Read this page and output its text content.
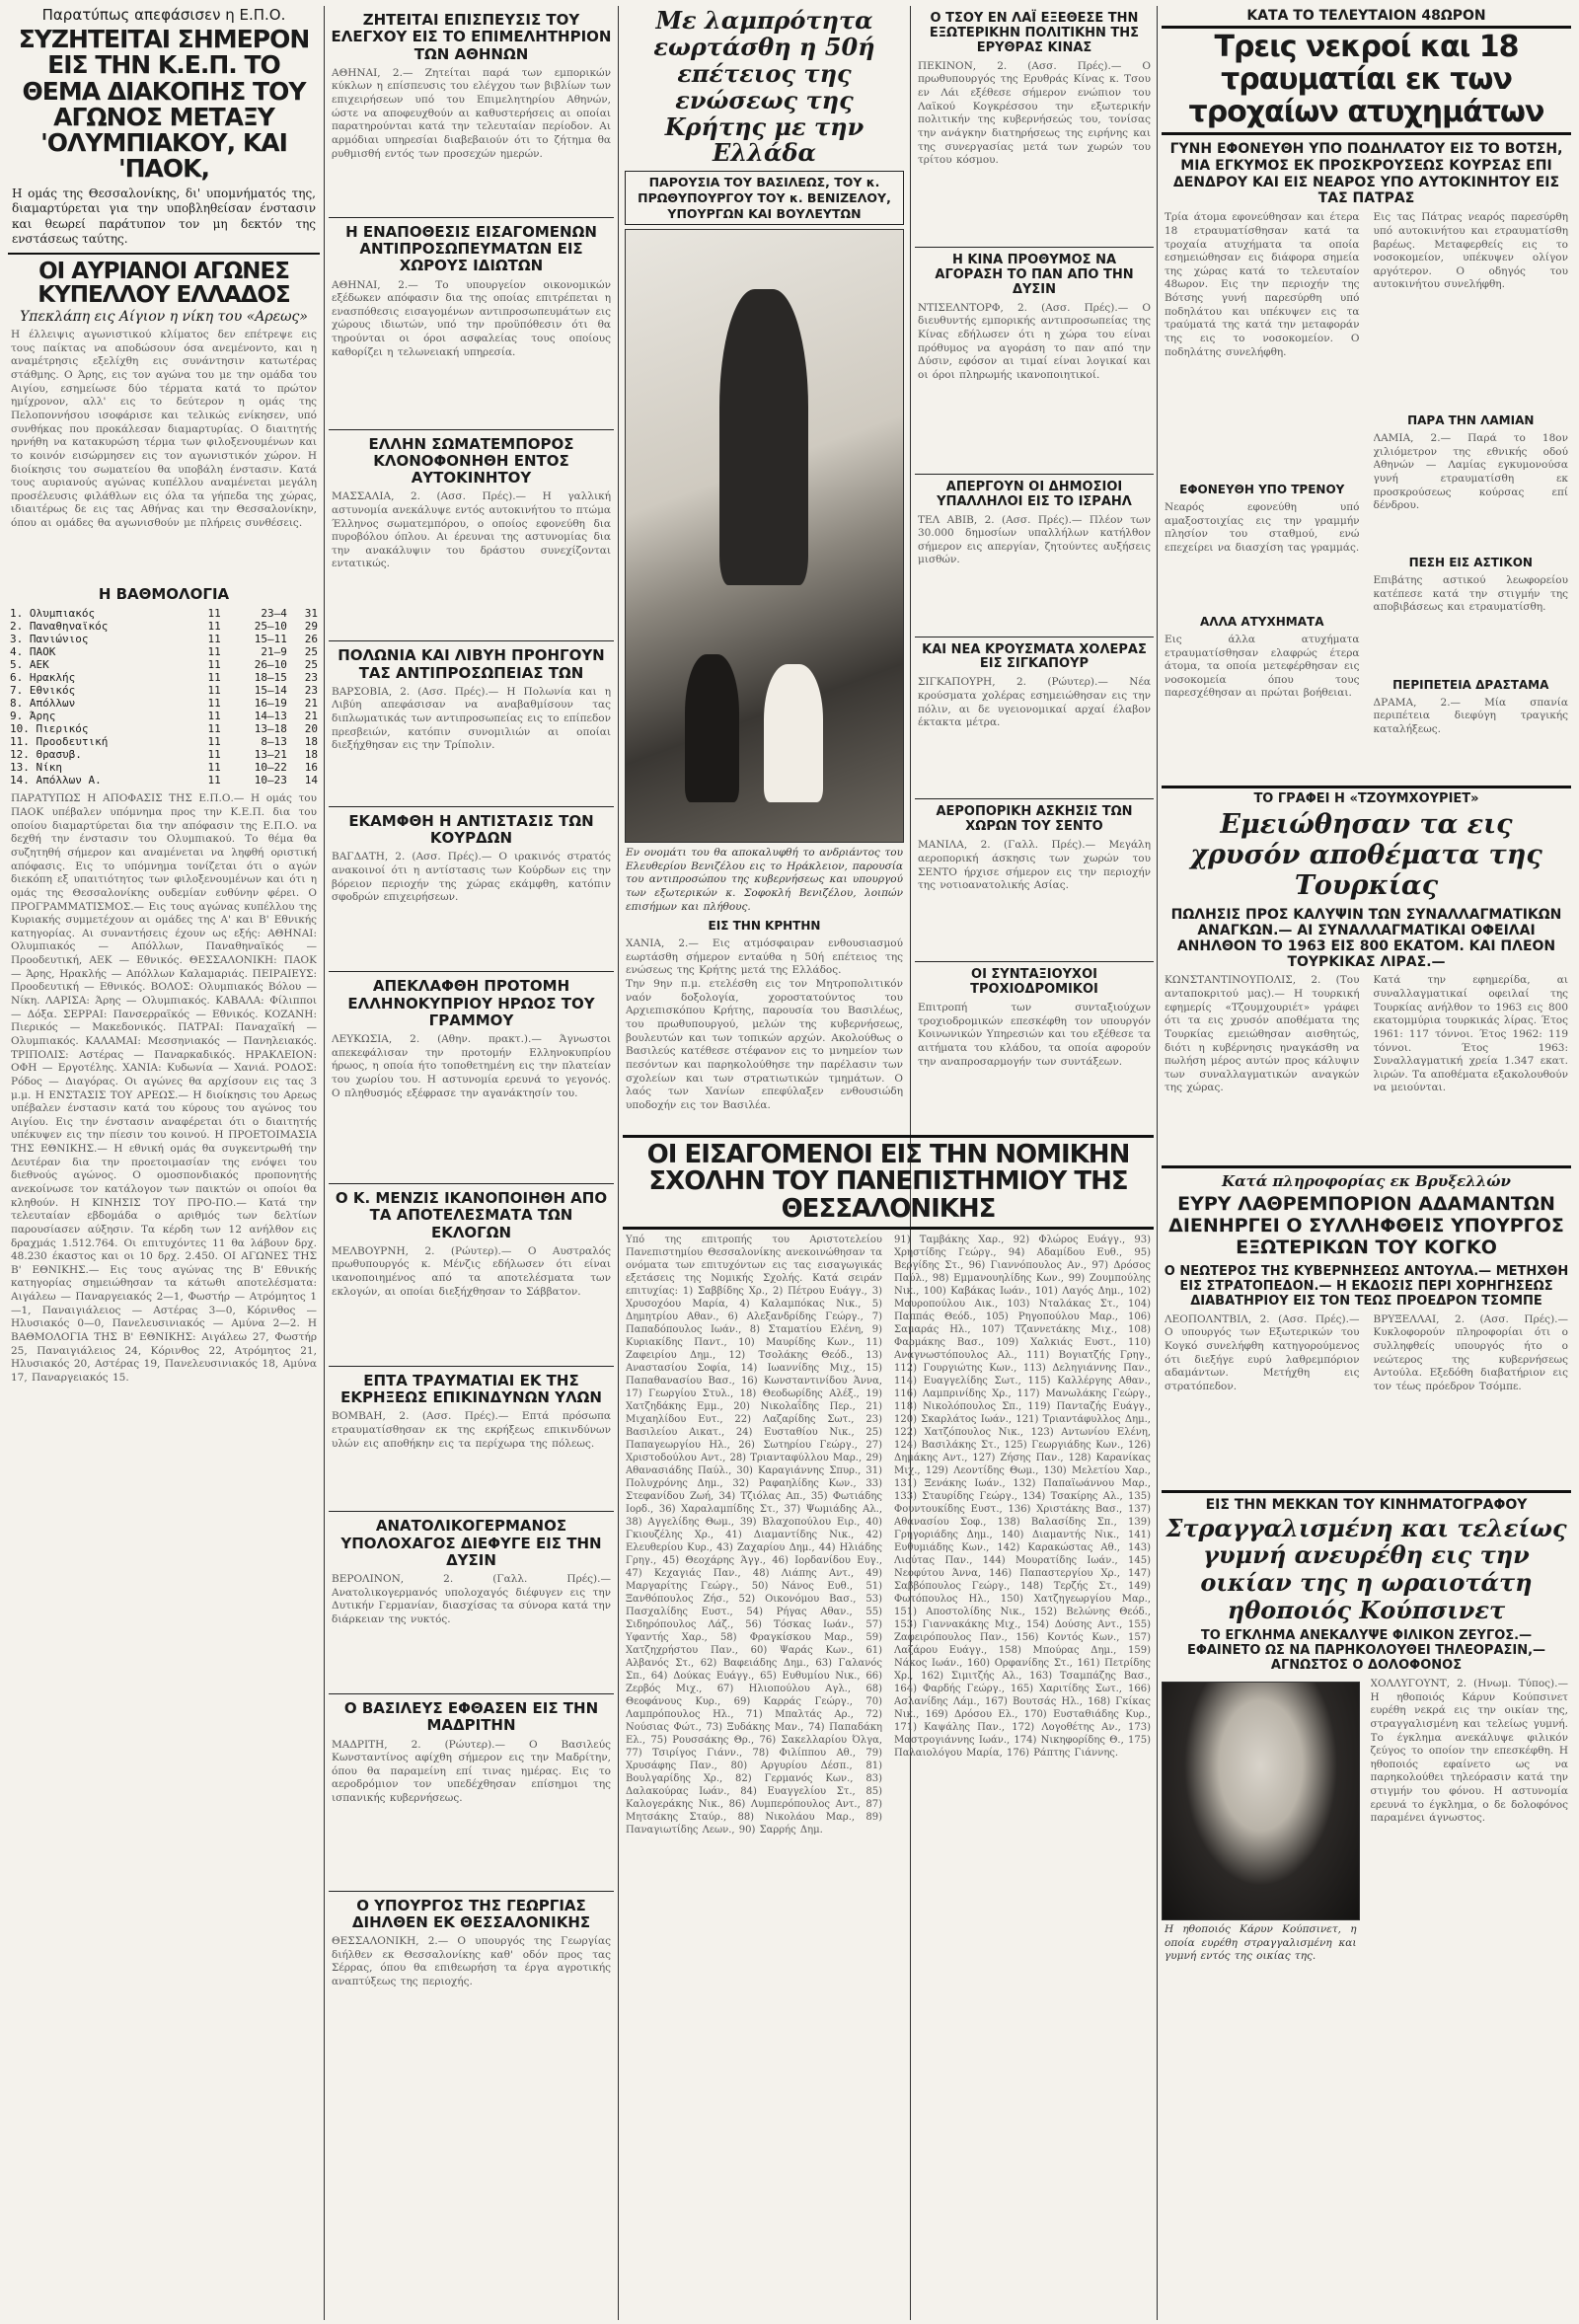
Παρατύπως απεφάσισεν η Ε.Π.Ο.
ΣΥΖΗΤΕΙΤΑΙ ΣΗΜΕΡΟΝ ΕΙΣ ΤΗΝ Κ.Ε.Π. ΤΟ ΘΕΜΑ ΔΙΑΚΟΠΗΣ ΤΟΥ ΑΓΩΝΟΣ ΜΕΤΑΞΥ 'ΟΛΥΜΠΙΑΚΟΥ, ΚΑΙ 'ΠΑΟΚ,
Η ομάς της Θεσσαλονίκης, δι' υπομνήματός της, διαμαρτύρεται για την υποβληθείσαν ένστασιν και θεωρεί παράτυπον τον μη δεκτόν της ενστάσεως ταύτης.
ΟΙ ΑΥΡΙΑΝΟΙ ΑΓΩΝΕΣ ΚΥΠΕΛΛΟΥ ΕΛΛΑΔΟΣ
Υπεκλάπη εις Αίγιον η νίκη του «Αρεως»
Η έλλειψις αγωνιστικού κλίματος δεν επέτρεψε εις τους παίκτας να αποδώσουν όσα ανεμένοντο, και η αναμέτρησις εξελίχθη εις συνάντησιν κατωτέρας στάθμης. Ο Άρης, εις τον αγώνα του με την ομάδα του Αιγίου, εσημείωσε δύο τέρματα κατά το πρώτον ημίχρονον, αλλ' εις το δεύτερον η ομάς της Πελοποννήσου ισοφάρισε και τελικώς ενίκησεν, υπό συνθήκας που προκάλεσαν διαμαρτυρίας. Ο διαιτητής ηρνήθη να κατακυρώση τέρμα των φιλοξενουμένων και το κοινόν εισώρμησεν εις τον αγωνιστικόν χώρον. Η διοίκησις του σωματείου θα υποβάλη ένστασιν. Κατά τους αυριανούς αγώνας κυπέλλου αναμένεται μεγάλη προσέλευσις φιλάθλων εις όλα τα γήπεδα της χώρας, ιδιαιτέρως δε εις τας Αθήνας και την Θεσσαλονίκην, όπου αι ομάδες θα αγωνισθούν με πλήρεις συνθέσεις.
Η ΒΑΘΜΟΛΟΓΙΑ
1. Ολυμπιακός	11	23—4	31
2. Παναθηναϊκός	11	25—10	29
3. Πανιώνιος	11	15—11	26
4. ΠΑΟΚ	11	21—9	25
5. ΑΕΚ	11	26—10	25
6. Ηρακλής	11	18—15	23
7. Εθνικός	11	15—14	23
8. Απόλλων	11	16—19	21
9. Άρης	11	14—13	21
10. Πιερικός	11	13—18	20
11. Προοδευτική	11	8—13	18
12. Θρασυβ.	11	13—21	18
13. Νίκη	11	10—22	16
14. Απόλλων Α.	11	10—23	14
ΠΑΡΑΤΥΠΩΣ Η ΑΠΟΦΑΣΙΣ ΤΗΣ Ε.Π.Ο.— Η ομάς του ΠΑΟΚ υπέβαλεν υπόμνημα προς την Κ.Ε.Π. δια του οποίου διαμαρτύρεται δια την απόφασιν της Ε.Π.Ο. να δεχθή την ένστασιν του Ολυμπιακού. Το θέμα θα συζητηθή σήμερον και αναμένεται να ληφθή οριστική απόφασις. Εις το υπόμνημα τονίζεται ότι ο αγών διεκόπη εξ υπαιτιότητος των φιλοξενουμένων και ότι η ομάς της Θεσσαλονίκης ουδεμίαν ευθύνην φέρει. Ο ΠΡΟΓΡΑΜΜΑΤΙΣΜΟΣ.— Εις τους αγώνας κυπέλλου της Κυριακής συμμετέχουν αι ομάδες της Α' και Β' Εθνικής κατηγορίας. Αι συναντήσεις έχουν ως εξής: ΑΘΗΝΑΙ: Ολυμπιακός — Απόλλων, Παναθηναϊκός — Προοδευτική, ΑΕΚ — Εθνικός. ΘΕΣΣΑΛΟΝΙΚΗ: ΠΑΟΚ — Άρης, Ηρακλής — Απόλλων Καλαμαριάς. ΠΕΙΡΑΙΕΥΣ: Προοδευτική — Εθνικός. ΒΟΛΟΣ: Ολυμπιακός Βόλου — Νίκη. ΛΑΡΙΣΑ: Άρης — Ολυμπιακός. ΚΑΒΑΛΑ: Φίλιπποι — Δόξα. ΣΕΡΡΑΙ: Πανσερραϊκός — Εθνικός. ΚΟΖΑΝΗ: Πιερικός — Μακεδονικός. ΠΑΤΡΑΙ: Παναχαϊκή — Ολυμπιακός. ΚΑΛΑΜΑΙ: Μεσσηνιακός — Πανηλειακός. ΤΡΙΠΟΛΙΣ: Αστέρας — Παναρκαδικός. ΗΡΑΚΛΕΙΟΝ: ΟΦΗ — Εργοτέλης. ΧΑΝΙΑ: Κυδωνία — Χανιά. ΡΟΔΟΣ: Ρόδος — Διαγόρας. Οι αγώνες θα αρχίσουν εις τας 3 μ.μ. Η ΕΝΣΤΑΣΙΣ ΤΟΥ ΑΡΕΩΣ.— Η διοίκησις του Αρεως υπέβαλεν ένστασιν κατά του κύρους του αγώνος του Αιγίου. Εις την ένστασιν αναφέρεται ότι ο διαιτητής υπέκυψεν εις την πίεσιν του κοινού. Η ΠΡΟΕΤΟΙΜΑΣΙΑ ΤΗΣ ΕΘΝΙΚΗΣ.— Η εθνική ομάς θα συγκεντρωθή την Δευτέραν δια την προετοιμασίαν της ενόψει του διεθνούς αγώνος. Ο ομοσπονδιακός προπονητής ανεκοίνωσε τον κατάλογον των παικτών οι οποίοι θα κληθούν. Η ΚΙΝΗΣΙΣ ΤΟΥ ΠΡΟ-ΠΟ.— Κατά την τελευταίαν εβδομάδα ο αριθμός των δελτίων παρουσίασεν αύξησιν. Τα κέρδη των 12 ανήλθον εις δραχμάς 1.512.764. Οι επιτυχόντες 11 θα λάβουν δρχ. 48.230 έκαστος και οι 10 δρχ. 2.450. ΟΙ ΑΓΩΝΕΣ ΤΗΣ Β' ΕΘΝΙΚΗΣ.— Εις τους αγώνας της Β' Εθνικής κατηγορίας σημειώθησαν τα κάτωθι αποτελέσματα: Αιγάλεω — Παναργειακός 2—1, Φωστήρ — Ατρόμητος 1—1, Παναιγιάλειος — Αστέρας 3—0, Κόρινθος — Ηλυσιακός 0—0, Πανελευσινιακός — Αμύνα 2—2. Η ΒΑΘΜΟΛΟΓΙΑ ΤΗΣ Β' ΕΘΝΙΚΗΣ: Αιγάλεω 27, Φωστήρ 25, Παναιγιάλειος 24, Κόρινθος 22, Ατρόμητος 21, Ηλυσιακός 20, Αστέρας 19, Πανελευσινιακός 18, Αμύνα 17, Παναργειακός 15.
ΖΗΤΕΙΤΑΙ ΕΠΙΣΠΕΥΣΙΣ ΤΟΥ ΕΛΕΓΧΟΥ ΕΙΣ ΤΟ ΕΠΙΜΕΛΗΤΗΡΙΟΝ ΤΩΝ ΑΘΗΝΩΝ
ΑΘΗΝΑΙ, 2.— Ζητείται παρά των εμπορικών κύκλων η επίσπευσις του ελέγχου των βιβλίων των επιχειρήσεων υπό του Επιμελητηρίου Αθηνών, ώστε να αποφευχθούν αι καθυστερήσεις αι οποίαι παρατηρούνται κατά την τελευταίαν περίοδον. Αι αρμόδιαι υπηρεσίαι διαβεβαιούν ότι το ζήτημα θα ρυθμισθή εντός των προσεχών ημερών.
Η ΕΝΑΠΟΘΕΣΙΣ ΕΙΣΑΓΟΜΕΝΩΝ ΑΝΤΙΠΡΟΣΩΠΕΥΜΑΤΩΝ ΕΙΣ ΧΩΡΟΥΣ ΙΔΙΩΤΩΝ
ΑΘΗΝΑΙ, 2.— Το υπουργείον οικονομικών εξέδωκεν απόφασιν δια της οποίας επιτρέπεται η ενασπόθεσις εισαγομένων αντιπροσωπευμάτων εις χώρους ιδιωτών, υπό την προϋπόθεσιν ότι θα τηρούνται οι όροι ασφαλείας τους οποίους καθορίζει η τελωνειακή υπηρεσία.
ΕΛΛΗΝ ΣΩΜΑΤΕΜΠΟΡΟΣ ΚΛΟΝΟΦΟΝΗΘΗ ΕΝΤΟΣ ΑΥΤΟΚΙΝΗΤΟΥ
ΜΑΣΣΑΛΙΑ, 2. (Ασσ. Πρές).— Η γαλλική αστυνομία ανεκάλυψε εντός αυτοκινήτου το πτώμα Έλληνος σωματεμπόρου, ο οποίος εφονεύθη δια πυροβόλου όπλου. Αι έρευναι της αστυνομίας δια την ανακάλυψιν του δράστου συνεχίζονται εντατικώς.
ΠΟΛΩΝΙΑ ΚΑΙ ΛΙΒΥΗ ΠΡΟΗΓΟΥΝ ΤΑΣ ΑΝΤΙΠΡΟΣΩΠΕΙΑΣ ΤΩΝ
ΒΑΡΣΟΒΙΑ, 2. (Ασσ. Πρές).— Η Πολωνία και η Λιβύη απεφάσισαν να αναβαθμίσουν τας διπλωματικάς των αντιπροσωπείας εις το επίπεδον πρεσβειών, κατόπιν συνομιλιών αι οποίαι διεξήχθησαν εις την Τρίπολιν.
ΕΚΑΜΦΘΗ Η ΑΝΤΙΣΤΑΣΙΣ ΤΩΝ ΚΟΥΡΔΩΝ
ΒΑΓΔΑΤΗ, 2. (Ασσ. Πρές).— Ο ιρακινός στρατός ανακοινοί ότι η αντίστασις των Κούρδων εις την βόρειον περιοχήν της χώρας εκάμφθη, κατόπιν σφοδρών επιχειρήσεων.
ΑΠΕΚΛΑΦΘΗ ΠΡΟΤΟΜΗ ΕΛΛΗΝΟΚΥΠΡΙΟΥ ΗΡΩΟΣ ΤΟΥ ΓΡΑΜΜΟΥ
ΛΕΥΚΩΣΙΑ, 2. (Αθην. πρακτ.).— Άγνωστοι απεκεφάλισαν την προτομήν Ελληνοκυπρίου ήρωος, η οποία ήτο τοποθετημένη εις την πλατείαν του χωρίου του. Η αστυνομία ερευνά το γεγονός. Ο πληθυσμός εξέφρασε την αγανάκτησίν του.
Ο Κ. ΜΕΝΖΙΣ ΙΚΑΝΟΠΟΙΗΘΗ ΑΠΟ ΤΑ ΑΠΟΤΕΛΕΣΜΑΤΑ ΤΩΝ ΕΚΛΟΓΩΝ
ΜΕΛΒΟΥΡΝΗ, 2. (Ρώυτερ).— Ο Αυστραλός πρωθυπουργός κ. Μένζις εδήλωσεν ότι είναι ικανοποιημένος από τα αποτελέσματα των εκλογών, αι οποίαι διεξήχθησαν το Σάββατον.
ΕΠΤΑ ΤΡΑΥΜΑΤΙΑΙ ΕΚ ΤΗΣ ΕΚΡΗΞΕΩΣ ΕΠΙΚΙΝΔΥΝΩΝ ΥΛΩΝ
ΒΟΜΒΑΗ, 2. (Ασσ. Πρές).— Επτά πρόσωπα ετραυματίσθησαν εκ της εκρήξεως επικινδύνων υλών εις αποθήκην εις τα περίχωρα της πόλεως.
ΑΝΑΤΟΛΙΚΟΓΕΡΜΑΝΟΣ ΥΠΟΛΟΧΑΓΟΣ ΔΙΕΦΥΓΕ ΕΙΣ ΤΗΝ ΔΥΣΙΝ
ΒΕΡΟΛΙΝΟΝ, 2. (Γαλλ. Πρές).— Ανατολικογερμανός υπολοχαγός διέφυγεν εις την Δυτικήν Γερμανίαν, διασχίσας τα σύνορα κατά την διάρκειαν της νυκτός.
Ο ΒΑΣΙΛΕΥΣ ΕΦΘΑΣΕΝ ΕΙΣ ΤΗΝ ΜΑΔΡΙΤΗΝ
ΜΑΔΡΙΤΗ, 2. (Ρώυτερ).— Ο Βασιλεύς Κωνσταντίνος αφίχθη σήμερον εις την Μαδρίτην, όπου θα παραμείνη επί τινας ημέρας. Εις το αεροδρόμιον τον υπεδέχθησαν επίσημοι της ισπανικής κυβερνήσεως.
Ο ΥΠΟΥΡΓΟΣ ΤΗΣ ΓΕΩΡΓΙΑΣ ΔΙΗΛΘΕΝ ΕΚ ΘΕΣΣΑΛΟΝΙΚΗΣ
ΘΕΣΣΑΛΟΝΙΚΗ, 2.— Ο υπουργός της Γεωργίας διήλθεν εκ Θεσσαλονίκης καθ' οδόν προς τας Σέρρας, όπου θα επιθεωρήση τα έργα αγροτικής αναπτύξεως της περιοχής.
Με λαμπρότητα εωρτάσθη η 50ή επέτειος της ενώσεως της Κρήτης με την Ελλάδα
ΠΑΡΟΥΣΙΑ ΤΟΥ ΒΑΣΙΛΕΩΣ, ΤΟΥ κ. ΠΡΩΘΥΠΟΥΡΓΟΥ ΤΟΥ κ. ΒΕΝΙΖΕΛΟΥ, ΥΠΟΥΡΓΩΝ ΚΑΙ ΒΟΥΛΕΥΤΩΝ
Εν ονομάτι του θα αποκαλυφθή το ανδριάντος του Ελευθερίου Βενιζέλου εις το Ηράκλειον, παρουσία του αντιπροσώπου της κυβερνήσεως και υπουργού των εξωτερικών κ. Σοφοκλή Βενιζέλου, λοιπών επισήμων και πλήθους.
ΕΙΣ ΤΗΝ ΚΡΗΤΗΝ
ΧΑΝΙΑ, 2.— Εις ατμόσφαιραν ενθουσιασμού εωρτάσθη σήμερον ενταύθα η 50ή επέτειος της ενώσεως της Κρήτης μετά της Ελλάδος.
Την 9ην π.μ. ετελέσθη εις τον Μητροπολιτικόν ναόν δοξολογία, χοροστατούντος του Αρχιεπισκόπου Κρήτης, παρουσία του Βασιλέως, του πρωθυπουργού, μελών της κυβερνήσεως, βουλευτών και των τοπικών αρχών. Ακολούθως ο Βασιλεύς κατέθεσε στέφανον εις το μνημείον των πεσόντων και παρηκολούθησε την παρέλασιν των σχολείων και των στρατιωτικών τμημάτων. Ο λαός των Χανίων επεφύλαξεν ενθουσιώδη υποδοχήν εις τον Βασιλέα.
Ο ΤΣΟΥ ΕΝ ΛΑΪ ΕΞΕΘΕΣΕ ΤΗΝ ΕΞΩΤΕΡΙΚΗΝ ΠΟΛΙΤΙΚΗΝ ΤΗΣ ΕΡΥΘΡΑΣ ΚΙΝΑΣ
ΠΕΚΙΝΟΝ, 2. (Ασσ. Πρές).— Ο πρωθυπουργός της Ερυθράς Κίνας κ. Τσου εν Λάι εξέθεσε σήμερον ενώπιον του Λαϊκού Κογκρέσσου την εξωτερικήν πολιτικήν της κυβερνήσεώς του, τονίσας την ανάγκην διατηρήσεως της ειρήνης και της συνεργασίας μετά των χωρών του τρίτου κόσμου.
Η ΚΙΝΑ ΠΡΟΘΥΜΟΣ ΝΑ ΑΓΟΡΑΣΗ ΤΟ ΠΑΝ ΑΠΟ ΤΗΝ ΔΥΣΙΝ
ΝΤΙΣΕΛΝΤΟΡΦ, 2. (Ασσ. Πρές).— Ο διευθυντής εμπορικής αντιπροσωπείας της Κίνας εδήλωσεν ότι η χώρα του είναι πρόθυμος να αγοράση το παν από την Δύσιν, εφόσον αι τιμαί είναι λογικαί και οι όροι πληρωμής ικανοποιητικοί.
ΑΠΕΡΓΟΥΝ ΟΙ ΔΗΜΟΣΙΟΙ ΥΠΑΛΛΗΛΟΙ ΕΙΣ ΤΟ ΙΣΡΑΗΛ
ΤΕΛ ΑΒΙΒ, 2. (Ασσ. Πρές).— Πλέον των 30.000 δημοσίων υπαλλήλων κατήλθον σήμερον εις απεργίαν, ζητούντες αυξήσεις μισθών.
ΚΑΙ ΝΕΑ ΚΡΟΥΣΜΑΤΑ ΧΟΛΕΡΑΣ ΕΙΣ ΣΙΓΚΑΠΟΥΡ
ΣΙΓΚΑΠΟΥΡΗ, 2. (Ρώυτερ).— Νέα κρούσματα χολέρας εσημειώθησαν εις την πόλιν, αι δε υγειονομικαί αρχαί έλαβον έκτακτα μέτρα.
ΑΕΡΟΠΟΡΙΚΗ ΑΣΚΗΣΙΣ ΤΩΝ ΧΩΡΩΝ ΤΟΥ ΣΕΝΤΟ
ΜΑΝΙΛΑ, 2. (Γαλλ. Πρές).— Μεγάλη αεροπορική άσκησις των χωρών του ΣΕΝΤΟ ήρχισε σήμερον εις την περιοχήν της νοτιοανατολικής Ασίας.
ΟΙ ΣΥΝΤΑΞΙΟΥΧΟΙ ΤΡΟΧΙΟΔΡΟΜΙΚΟΙ
Επιτροπή των συνταξιούχων τροχιοδρομικών επεσκέφθη τον υπουργόν Κοινωνικών Υπηρεσιών και του εξέθεσε τα αιτήματα του κλάδου, τα οποία αφορούν την αναπροσαρμογήν των συντάξεων.
ΟΙ ΕΙΣΑΓΟΜΕΝΟΙ ΕΙΣ ΤΗΝ ΝΟΜΙΚΗΝ ΣΧΟΛΗΝ ΤΟΥ ΠΑΝΕΠΙΣΤΗΜΙΟΥ ΤΗΣ ΘΕΣΣΑΛΟΝΙΚΗΣ
Υπό της επιτροπής του Αριστοτελείου Πανεπιστημίου Θεσσαλονίκης ανεκοινώθησαν τα ονόματα των επιτυχόντων εις τας εισαγωγικάς εξετάσεις της Νομικής Σχολής. Κατά σειράν επιτυχίας: 1) Σαββίδης Χρ., 2) Πέτρου Ευάγγ., 3) Χρυσοχόου Μαρία, 4) Καλαμπόκας Νικ., 5) Δημητρίου Αθαν., 6) Αλεξανδρίδης Γεώργ., 7) Παπαδόπουλος Ιωάν., 8) Σταματίου Ελένη, 9) Κυριακίδης Παντ., 10) Μαυρίδης Κων., 11) Ζαφειρίου Δημ., 12) Τσολάκης Θεόδ., 13) Αναστασίου Σοφία, 14) Ιωαννίδης Μιχ., 15) Παπαθανασίου Βασ., 16) Κωνσταντινίδου Άννα, 17) Γεωργίου Στυλ., 18) Θεοδωρίδης Αλέξ., 19) Χατζηδάκης Εμμ., 20) Νικολαΐδης Περ., 21) Μιχαηλίδου Ευτ., 22) Λαζαρίδης Σωτ., 23) Βασιλείου Αικατ., 24) Ευσταθίου Νικ., 25) Παπαγεωργίου Ηλ., 26) Σωτηρίου Γεώργ., 27) Χριστοδούλου Αντ., 28) Τριανταφύλλου Μαρ., 29) Αθανασιάδης Παύλ., 30) Καραγιάννης Σπυρ., 31) Πολυχρόνης Δημ., 32) Ραφαηλίδης Κων., 33) Στεφανίδου Ζωή, 34) Τζιόλας Απ., 35) Φωτιάδης Ιορδ., 36) Χαραλαμπίδης Στ., 37) Ψωμιάδης Αλ., 38) Αγγελίδης Θωμ., 39) Βλαχοπούλου Ειρ., 40) Γκιουζέλης Χρ., 41) Διαμαντίδης Νικ., 42) Ελευθερίου Κυρ., 43) Ζαχαρίου Δημ., 44) Ηλιάδης Γρηγ., 45) Θεοχάρης Άγγ., 46) Ιορδανίδου Ευγ., 47) Κεχαγιάς Παν., 48) Λιάπης Αντ., 49) Μαργαρίτης Γεώργ., 50) Νάνος Ευθ., 51) Ξανθόπουλος Ζήσ., 52) Οικονόμου Βασ., 53) Πασχαλίδης Ευστ., 54) Ρήγας Αθαν., 55) Σιδηρόπουλος Λάζ., 56) Τόσκας Ιωάν., 57) Υφαντής Χαρ., 58) Φραγκίσκου Μαρ., 59) Χατζηχρήστου Παν., 60) Ψαράς Κων., 61) Αλβανός Στ., 62) Βαφειάδης Δημ., 63) Γαλανός Σπ., 64) Δούκας Ευάγγ., 65) Ευθυμίου Νικ., 66) Ζερβός Μιχ., 67) Ηλιοπούλου Αγλ., 68) Θεοφάνους Κυρ., 69) Καρράς Γεώργ., 70) Λαμπρόπουλος Ηλ., 71) Μπαλτάς Αρ., 72) Νούσιας Φώτ., 73) Ξυδάκης Μαν., 74) Παπαδάκη Ελ., 75) Ρουσσάκης Θρ., 76) Σακελλαρίου Όλγα, 77) Τσιρίγος Γιάνν., 78) Φιλίππου Αθ., 79) Χρυσάφης Παν., 80) Αργυρίου Δέσπ., 81) Βουλγαρίδης Χρ., 82) Γερμανός Κων., 83) Δαλακούρας Ιωάν., 84) Ευαγγελίου Στ., 85) Καλογεράκης Νικ., 86) Λυμπερόπουλος Αντ., 87) Μητσάκης Σταύρ., 88) Νικολάου Μαρ., 89) Παναγιωτίδης Λεων., 90) Σαρρής Δημ.
91) Ταμβάκης Χαρ., 92) Φλώρος Ευάγγ., 93) Χρηστίδης Γεώργ., 94) Αδαμίδου Ευθ., 95) Βεργίδης Στ., 96) Γιαννόπουλος Αν., 97) Δρόσος Παύλ., 98) Εμμανουηλίδης Κων., 99) Ζουμπούλης Νικ., 100) Καβάκας Ιωάν., 101) Λαγός Δημ., 102) Μαυροπούλου Αικ., 103) Νταλάκας Στ., 104) Παππάς Θεόδ., 105) Ρηγοπούλου Μαρ., 106) Σαμαράς Ηλ., 107) Τζαννετάκης Μιχ., 108) Φαρμάκης Βασ., 109) Χαλκιάς Ευστ., 110) Αναγνωστόπουλος Αλ., 111) Βογιατζής Γρηγ., 112) Γουργιώτης Κων., 113) Δεληγιάννης Παν., 114) Ευαγγελίδης Σωτ., 115) Καλλέργης Αθαν., 116) Λαμπρινίδης Χρ., 117) Μανωλάκης Γεώργ., 118) Νικολόπουλος Σπ., 119) Πανταζής Ευάγγ., 120) Σκαρλάτος Ιωάν., 121) Τριαντάφυλλος Δημ., 122) Χατζόπουλος Νικ., 123) Αντωνίου Ελένη, 124) Βασιλάκης Στ., 125) Γεωργιάδης Κων., 126) Δημάκης Αντ., 127) Ζήσης Παν., 128) Καρανίκας Μιχ., 129) Λεοντίδης Θωμ., 130) Μελετίου Χαρ., 131) Ξενάκης Ιωάν., 132) Παπαϊωάννου Μαρ., 133) Σταυρίδης Γεώργ., 134) Τσακίρης Αλ., 135) Φουντουκίδης Ευστ., 136) Χριστάκης Βασ., 137) Αθανασίου Σοφ., 138) Βαλασίδης Σπ., 139) Γρηγοριάδης Δημ., 140) Διαμαντής Νικ., 141) Ευθυμιάδης Κων., 142) Καρακώστας Αθ., 143) Λιούτας Παν., 144) Μουρατίδης Ιωάν., 145) Νεοφύτου Άννα, 146) Παπαστεργίου Χρ., 147) Σαββόπουλος Γεώργ., 148) Τερζής Στ., 149) Φωτόπουλος Ηλ., 150) Χατζηγεωργίου Μαρ., 151) Αποστολίδης Νικ., 152) Βελώνης Θεόδ., 153) Γιαννακάκης Μιχ., 154) Δούσης Αντ., 155) Ζαφειρόπουλος Παν., 156) Κοντός Κων., 157) Λαζάρου Ευάγγ., 158) Μπούρας Δημ., 159) Νάκος Ιωάν., 160) Ορφανίδης Στ., 161) Πετρίδης Χρ., 162) Σιμιτζής Αλ., 163) Τσαμπάζης Βασ., 164) Φαρδής Γεώργ., 165) Χαριτίδης Σωτ., 166) Ασλανίδης Λάμ., 167) Βουτσάς Ηλ., 168) Γκίκας Νικ., 169) Δρόσου Ελ., 170) Ευσταθιάδης Κυρ., 171) Καψάλης Παν., 172) Λογοθέτης Αν., 173) Μαστρογιάννης Ιωάν., 174) Νικηφορίδης Θ., 175) Παλαιολόγου Μαρία, 176) Ράπτης Γιάννης.
ΚΑΤΑ ΤΟ ΤΕΛΕΥΤΑΙΟΝ 48ΩΡΟΝ
Τρεις νεκροί και 18 τραυματίαι εκ των τροχαίων ατυχημάτων
ΓΥΝΗ ΕΦΟΝΕΥΘΗ ΥΠΟ ΠΟΔΗΛΑΤΟΥ ΕΙΣ ΤΟ ΒΟΤΣΗ, ΜΙΑ ΕΓΚΥΜΟΣ ΕΚ ΠΡΟΣΚΡΟΥΣΕΩΣ ΚΟΥΡΣΑΣ ΕΠΙ ΔΕΝΔΡΟΥ ΚΑΙ ΕΙΣ ΝΕΑΡΟΣ ΥΠΟ ΑΥΤΟΚΙΝΗΤΟΥ ΕΙΣ ΤΑΣ ΠΑΤΡΑΣ
Τρία άτομα εφονεύθησαν και έτερα 18 ετραυματίσθησαν κατά τα τροχαία ατυχήματα τα οποία εσημειώθησαν εις διάφορα σημεία της χώρας κατά το τελευταίον 48ωρον. Εις την περιοχήν της Βότσης γυνή παρεσύρθη υπό ποδηλάτου και υπέκυψεν εις τα τραύματά της κατά την μεταφοράν της εις το νοσοκομείον. Ο ποδηλάτης συνελήφθη.
ΕΦΟΝΕΥΘΗ ΥΠΟ ΤΡΕΝΟΥ
Νεαρός εφονεύθη υπό αμαξοστοιχίας εις την γραμμήν πλησίον του σταθμού, ενώ επεχείρει να διασχίση τας γραμμάς.
ΑΛΛΑ ΑΤΥΧΗΜΑΤΑ
Εις άλλα ατυχήματα ετραυματίσθησαν ελαφρώς έτερα άτομα, τα οποία μετεφέρθησαν εις νοσοκομεία όπου τους παρεσχέθησαν αι πρώται βοήθειαι.
Εις τας Πάτρας νεαρός παρεσύρθη υπό αυτοκινήτου και ετραυματίσθη βαρέως. Μεταφερθείς εις το νοσοκομείον, υπέκυψεν ολίγον αργότερον. Ο οδηγός του αυτοκινήτου συνελήφθη.
ΠΑΡΑ ΤΗΝ ΛΑΜΙΑΝ
ΛΑΜΙΑ, 2.— Παρά το 18ον χιλιόμετρον της εθνικής οδού Αθηνών — Λαμίας εγκυμονούσα γυνή ετραυματίσθη εκ προσκρούσεως κούρσας επί δένδρου.
ΠΕΣΗ ΕΙΣ ΑΣΤΙΚΟΝ
Επιβάτης αστικού λεωφορείου κατέπεσε κατά την στιγμήν της αποβιβάσεως και ετραυματίσθη.
ΠΕΡΙΠΕΤΕΙΑ ΔΡΑΣΤΑΜΑ
ΔΡΑΜΑ, 2.— Μία σπανία περιπέτεια διεφύγη τραγικής καταλήξεως.
ΤΟ ΓΡΑΦΕΙ Η «ΤΖΟΥΜΧΟΥΡΙΕΤ»
Εμειώθησαν τα εις χρυσόν αποθέματα της Τουρκίας
ΠΩΛΗΣΙΣ ΠΡΟΣ ΚΑΛΥΨΙΝ ΤΩΝ ΣΥΝΑΛΛΑΓΜΑΤΙΚΩΝ ΑΝΑΓΚΩΝ.— ΑΙ ΣΥΝΑΛΛΑΓΜΑΤΙΚΑΙ ΟΦΕΙΛΑΙ ΑΝΗΛΘΟΝ ΤΟ 1963 ΕΙΣ 800 ΕΚΑΤΟΜ. ΚΑΙ ΠΛΕΟΝ ΤΟΥΡΚΙΚΑΣ ΛΙΡΑΣ.—
ΚΩΝΣΤΑΝΤΙΝΟΥΠΟΛΙΣ, 2. (Του ανταποκριτού μας).— Η τουρκική εφημερίς «Τζουμχουριέτ» γράφει ότι τα εις χρυσόν αποθέματα της Τουρκίας εμειώθησαν αισθητώς, διότι η κυβέρνησις ηναγκάσθη να πωλήση μέρος αυτών προς κάλυψιν των συναλλαγματικών αναγκών της χώρας.
Κατά την εφημερίδα, αι συναλλαγματικαί οφειλαί της Τουρκίας ανήλθον το 1963 εις 800 εκατομμύρια τουρκικάς λίρας. Έτος 1961: 117 τόννοι. Έτος 1962: 119 τόννοι. Έτος 1963: Συναλλαγματική χρεία 1.347 εκατ. λιρών. Τα αποθέματα εξακολουθούν να μειούνται.
Κατά πληροφορίας εκ Βρυξελλών
ΕΥΡΥ ΛΑΘΡΕΜΠΟΡΙΟΝ ΑΔΑΜΑΝΤΩΝ ΔΙΕΝΗΡΓΕΙ Ο ΣΥΛΛΗΦΘΕΙΣ ΥΠΟΥΡΓΟΣ ΕΞΩΤΕΡΙΚΩΝ ΤΟΥ ΚΟΓΚΟ
Ο ΝΕΩΤΕΡΟΣ ΤΗΣ ΚΥΒΕΡΝΗΣΕΩΣ ΑΝΤΟΥΛΑ.— ΜΕΤΗΧΘΗ ΕΙΣ ΣΤΡΑΤΟΠΕΔΟΝ.— Η ΕΚΔΟΣΙΣ ΠΕΡΙ ΧΟΡΗΓΗΣΕΩΣ ΔΙΑΒΑΤΗΡΙΟΥ ΕΙΣ ΤΟΝ ΤΕΩΣ ΠΡΟΕΔΡΟΝ ΤΣΟΜΠΕ
ΛΕΟΠΟΛΝΤΒΙΛ, 2. (Ασσ. Πρές).— Ο υπουργός των Εξωτερικών του Κογκό συνελήφθη κατηγορούμενος ότι διεξήγε ευρύ λαθρεμπόριον αδαμάντων. Μετήχθη εις στρατόπεδον.
ΒΡΥΞΕΛΛΑΙ, 2. (Ασσ. Πρές).— Κυκλοφορούν πληροφορίαι ότι ο συλληφθείς υπουργός ήτο ο νεώτερος της κυβερνήσεως Αντούλα. Εξεδόθη διαβατήριον εις τον τέως πρόεδρον Τσόμπε.
ΕΙΣ ΤΗΝ ΜΕΚΚΑΝ ΤΟΥ ΚΙΝΗΜΑΤΟΓΡΑΦΟΥ
Στραγγαλισμένη και τελείως γυμνή ανευρέθη εις την οικίαν της η ωραιοτάτη ηθοποιός Κούπσινετ
ΤΟ ΕΓΚΛΗΜΑ ΑΝΕΚΑΛΥΨΕ ΦΙΛΙΚΟΝ ΖΕΥΓΟΣ.— ΕΦΑΙΝΕΤΟ ΩΣ ΝΑ ΠΑΡΗΚΟΛΟΥΘΕΙ ΤΗΛΕΟΡΑΣΙΝ,— ΑΓΝΩΣΤΟΣ Ο ΔΟΛΟΦΟΝΟΣ
Η ηθοποιός Κάρυν Κούπσινετ, η οποία ευρέθη στραγγαλισμένη και γυμνή εντός της οικίας της.
ΧΟΛΛΥΓΟΥΝΤ, 2. (Ηνωμ. Τύπος).— Η ηθοποιός Κάρυν Κούπσινετ ευρέθη νεκρά εις την οικίαν της, στραγγαλισμένη και τελείως γυμνή. Το έγκλημα ανεκάλυψε φιλικόν ζεύγος το οποίον την επεσκέφθη. Η ηθοποιός εφαίνετο ως να παρηκολούθει τηλεόρασιν κατά την στιγμήν του φόνου. Η αστυνομία ερευνά το έγκλημα, ο δε δολοφόνος παραμένει άγνωστος.
